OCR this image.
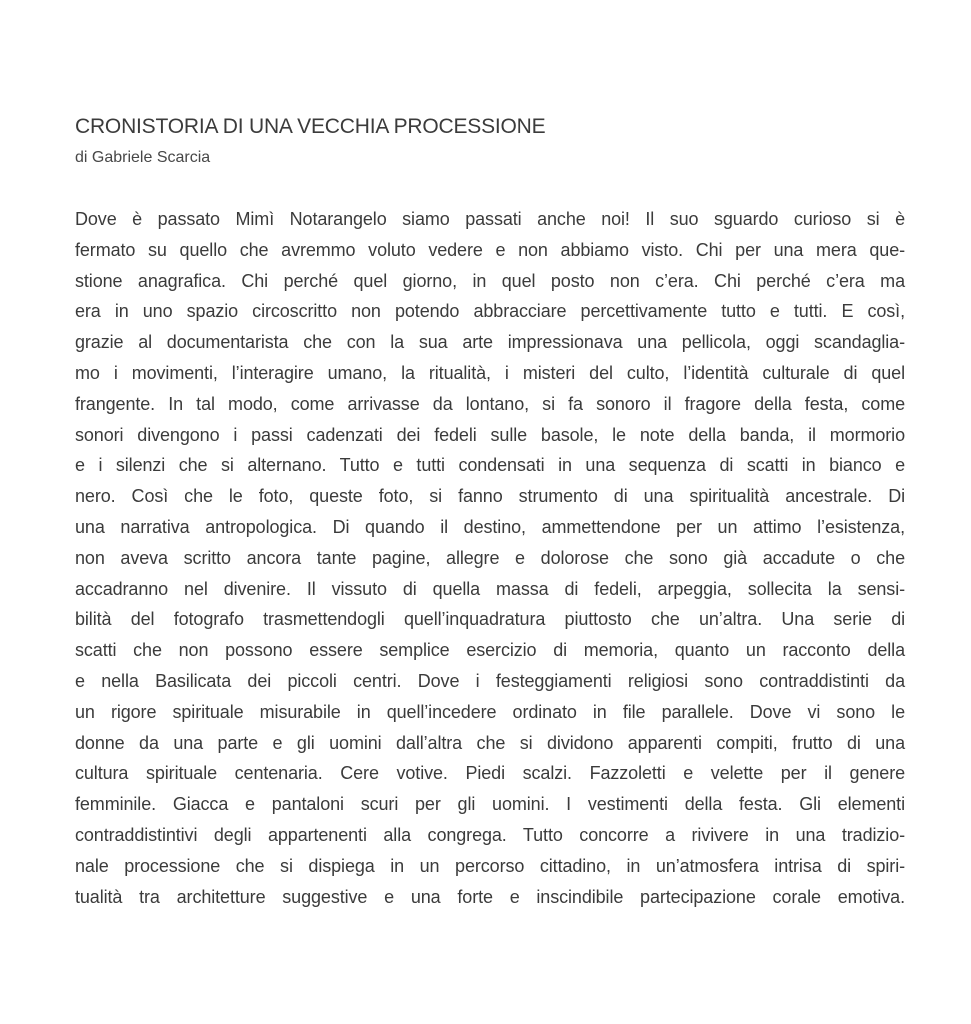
CRONISTORIA DI UNA VECCHIA PROCESSIONE
di Gabriele Scarcia
Dove è passato Mimì Notarangelo siamo passati anche noi! Il suo sguardo curioso si è
fermato su quello che avremmo voluto vedere e non abbiamo visto. Chi per una mera que-
stione anagrafica. Chi perché quel giorno, in quel posto non c’era. Chi perché c’era ma
era in uno spazio circoscritto non potendo abbracciare percettivamente tutto e tutti. E così,
grazie al documentarista che con la sua arte impressionava una pellicola, oggi scandaglia-
mo i movimenti, l’interagire umano, la ritualità, i misteri del culto, l’identità culturale di quel
frangente. In tal modo, come arrivasse da lontano, si fa sonoro il fragore della festa, come
sonori divengono i passi cadenzati dei fedeli sulle basole, le note della banda, il mormorio
e i silenzi che si alternano. Tutto e tutti condensati in una sequenza di scatti in bianco e
nero. Così che le foto, queste foto, si fanno strumento di una spiritualità ancestrale. Di
una narrativa antropologica. Di quando il destino, ammettendone per un attimo l’esistenza,
non aveva scritto ancora tante pagine, allegre e dolorose che sono già accadute o che
accadranno nel divenire. Il vissuto di quella massa di fedeli, arpeggia, sollecita la sensi-
bilità del fotografo trasmettendogli quell’inquadratura piuttosto che un’altra. Una serie di
scatti che non possono essere semplice esercizio di memoria, quanto un racconto della
e nella Basilicata dei piccoli centri. Dove i festeggiamenti religiosi sono contraddistinti da
un rigore spirituale misurabile in quell’incedere ordinato in file parallele. Dove vi sono le
donne da una parte e gli uomini dall’altra che si dividono apparenti compiti, frutto di una
cultura spirituale centenaria. Cere votive. Piedi scalzi. Fazzoletti e velette per il genere
femminile. Giacca e pantaloni scuri per gli uomini. I vestimenti della festa. Gli elementi
contraddistintivi degli appartenenti alla congrega. Tutto concorre a rivivere in una tradizio-
nale processione che si dispiega in un percorso cittadino, in un’atmosfera intrisa di spiri-
tualità tra architetture suggestive e una forte e inscindibile partecipazione corale emotiva.
